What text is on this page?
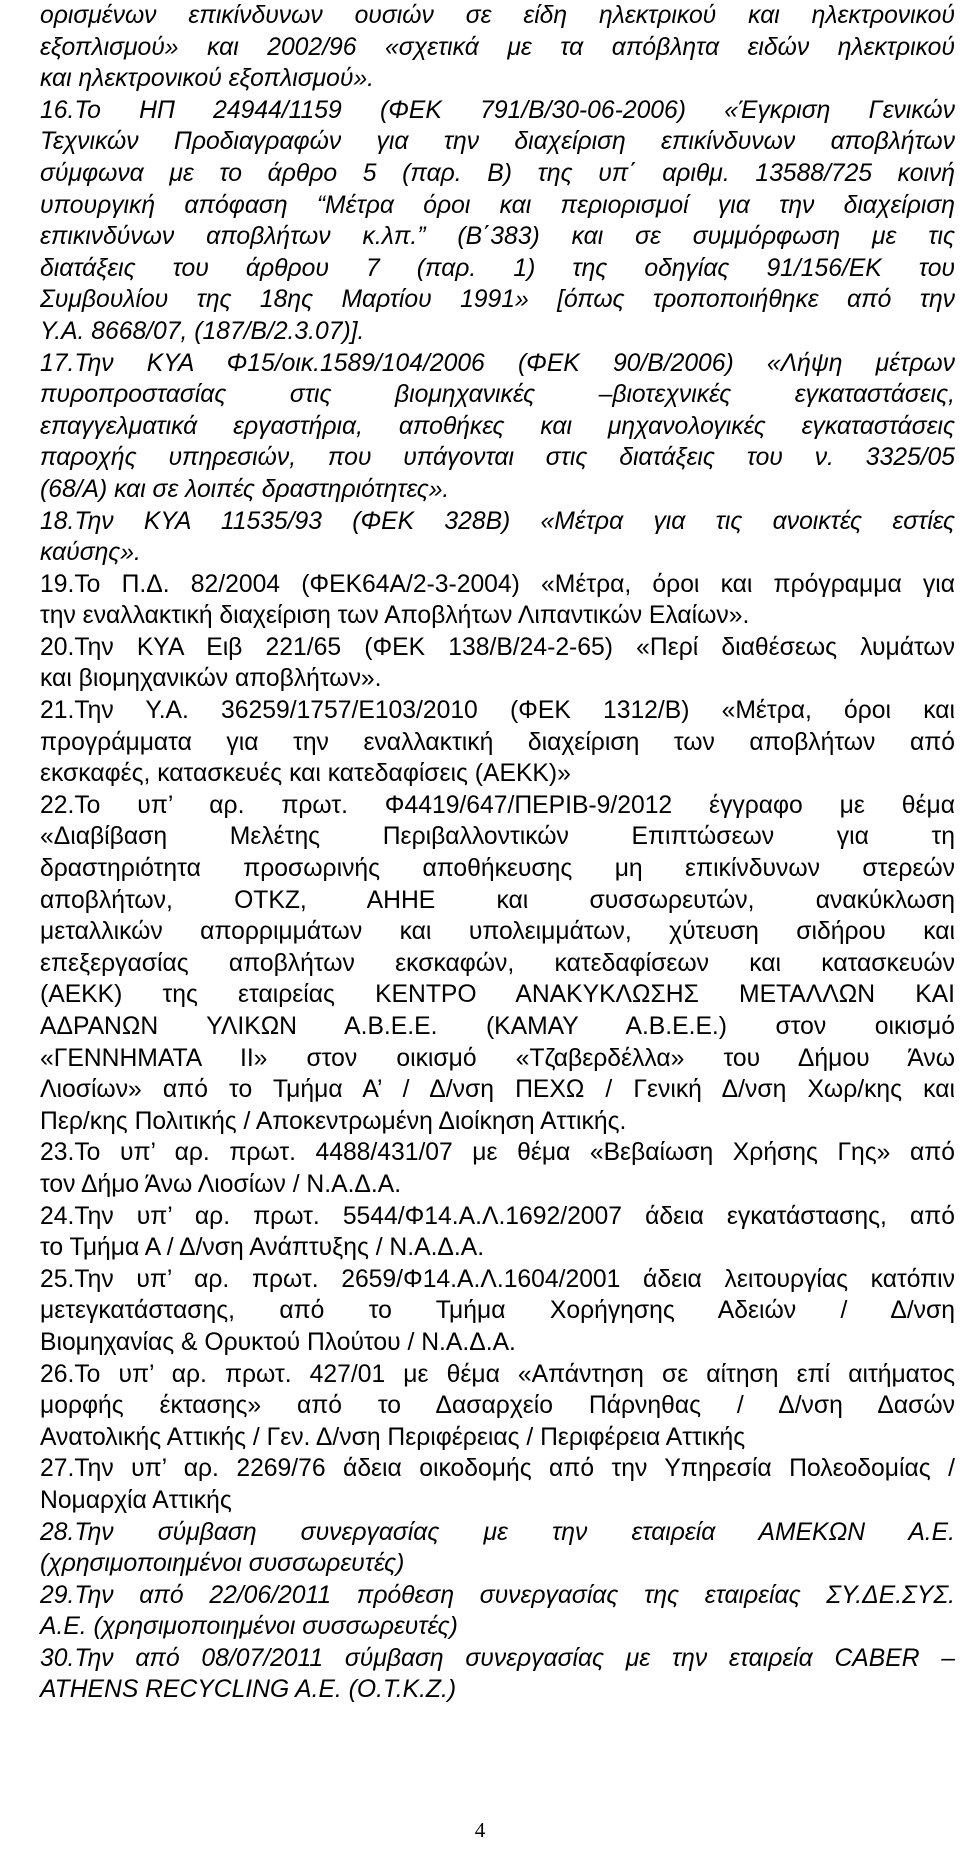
ορισμένων επικίνδυνων ουσιών σε είδη ηλεκτρικού και ηλεκτρονικού
εξοπλισμού» και 2002/96 «σχετικά με τα απόβλητα ειδών ηλεκτρικού
και ηλεκτρονικού εξοπλισμού».
16.Το ΗΠ 24944/1159 (ΦΕΚ 791/Β/30-06-2006) «Έγκριση Γενικών
Τεχνικών Προδιαγραφών για την διαχείριση επικίνδυνων αποβλήτων
σύμφωνα με το άρθρο 5 (παρ. Β) της υπ΄ αριθμ. 13588/725 κοινή
υπουργική απόφαση “Μέτρα όροι και περιορισμοί για την διαχείριση
επικινδύνων αποβλήτων κ.λπ.” (Β΄383) και σε συμμόρφωση με τις
διατάξεις του άρθρου 7 (παρ. 1) της οδηγίας 91/156/ΕΚ του
Συμβουλίου της 18ης Μαρτίου 1991» [όπως τροποποιήθηκε από την
Υ.Α. 8668/07, (187/Β/2.3.07)].
17.Την ΚΥΑ Φ15/οικ.1589/104/2006 (ΦΕΚ 90/Β/2006) «Λήψη μέτρων
πυροπροστασίας στις βιομηχανικές –βιοτεχνικές εγκαταστάσεις,
επαγγελματικά εργαστήρια, αποθήκες και μηχανολογικές εγκαταστάσεις
παροχής υπηρεσιών, που υπάγονται στις διατάξεις του ν. 3325/05
(68/Α) και σε λοιπές δραστηριότητες».
18.Την ΚΥΑ 11535/93 (ΦΕΚ 328Β) «Μέτρα για τις ανοικτές εστίες
καύσης».
19.Το Π.Δ. 82/2004 (ΦΕΚ64Α/2-3-2004) «Μέτρα, όροι και πρόγραμμα για
την εναλλακτική διαχείριση των Αποβλήτων Λιπαντικών Ελαίων».
20.Την ΚΥΑ Ειβ 221/65 (ΦΕΚ 138/Β/24-2-65) «Περί διαθέσεως λυμάτων
και βιομηχανικών αποβλήτων».
21.Την Υ.Α. 36259/1757/Ε103/2010 (ΦΕΚ 1312/Β) «Μέτρα, όροι και
προγράμματα για την εναλλακτική διαχείριση των αποβλήτων από
εκσκαφές, κατασκευές και κατεδαφίσεις (ΑΕΚΚ)»
22.Το υπ’ αρ. πρωτ. Φ4419/647/ΠΕΡΙΒ-9/2012 έγγραφο με θέμα
«Διαβίβαση Μελέτης Περιβαλλοντικών Επιπτώσεων για τη
δραστηριότητα προσωρινής αποθήκευσης μη επικίνδυνων στερεών
αποβλήτων, ΟΤΚΖ, ΑΗΗΕ και συσσωρευτών, ανακύκλωση
μεταλλικών απορριμμάτων και υπολειμμάτων, χύτευση σιδήρου και
επεξεργασίας αποβλήτων εκσκαφών, κατεδαφίσεων και κατασκευών
(ΑΕΚΚ) της εταιρείας ΚΕΝΤΡΟ ΑΝΑΚΥΚΛΩΣΗΣ ΜΕΤΑΛΛΩΝ ΚΑΙ
ΑΔΡΑΝΩΝ ΥΛΙΚΩΝ Α.Β.Ε.Ε. (ΚΑΜΑΥ Α.Β.Ε.Ε.) στον οικισμό
«ΓΕΝΝΗΜΑΤΑ ΙΙ» στον οικισμό «Τζαβερδέλλα» του Δήμου Άνω
Λιοσίων» από το Τμήμα Α’ / Δ/νση ΠΕΧΩ / Γενική Δ/νση Χωρ/κης και
Περ/κης Πολιτικής / Αποκεντρωμένη Διοίκηση Αττικής.
23.Το υπ’ αρ. πρωτ. 4488/431/07 με θέμα «Βεβαίωση Χρήσης Γης» από
τον Δήμο Άνω Λιοσίων / Ν.Α.Δ.Α.
24.Την υπ’ αρ. πρωτ. 5544/Φ14.Α.Λ.1692/2007 άδεια εγκατάστασης, από
το Τμήμα Α / Δ/νση Ανάπτυξης / Ν.Α.Δ.Α.
25.Την υπ’ αρ. πρωτ. 2659/Φ14.Α.Λ.1604/2001 άδεια λειτουργίας κατόπιν
μετεγκατάστασης, από το Τμήμα Χορήγησης Αδειών / Δ/νση
Βιομηχανίας & Ορυκτού Πλούτου / Ν.Α.Δ.Α.
26.Το υπ’ αρ. πρωτ. 427/01 με θέμα «Απάντηση σε αίτηση επί αιτήματος
μορφής έκτασης» από το Δασαρχείο Πάρνηθας / Δ/νση Δασών
Ανατολικής Αττικής / Γεν. Δ/νση Περιφέρειας / Περιφέρεια Αττικής
27.Την υπ’ αρ. 2269/76 άδεια οικοδομής από την Υπηρεσία Πολεοδομίας /
Νομαρχία Αττικής
28.Την σύμβαση συνεργασίας με την εταιρεία ΑΜΕΚΩΝ Α.Ε.
(χρησιμοποιημένοι συσσωρευτές)
29.Την από 22/06/2011 πρόθεση συνεργασίας της εταιρείας ΣΥ.ΔΕ.ΣΥΣ.
Α.Ε. (χρησιμοποιημένοι συσσωρευτές)
30.Την από 08/07/2011 σύμβαση συνεργασίας με την εταιρεία CABER –
ATHENS RECYCLING A.E. (O.T.K.Z.)
4
